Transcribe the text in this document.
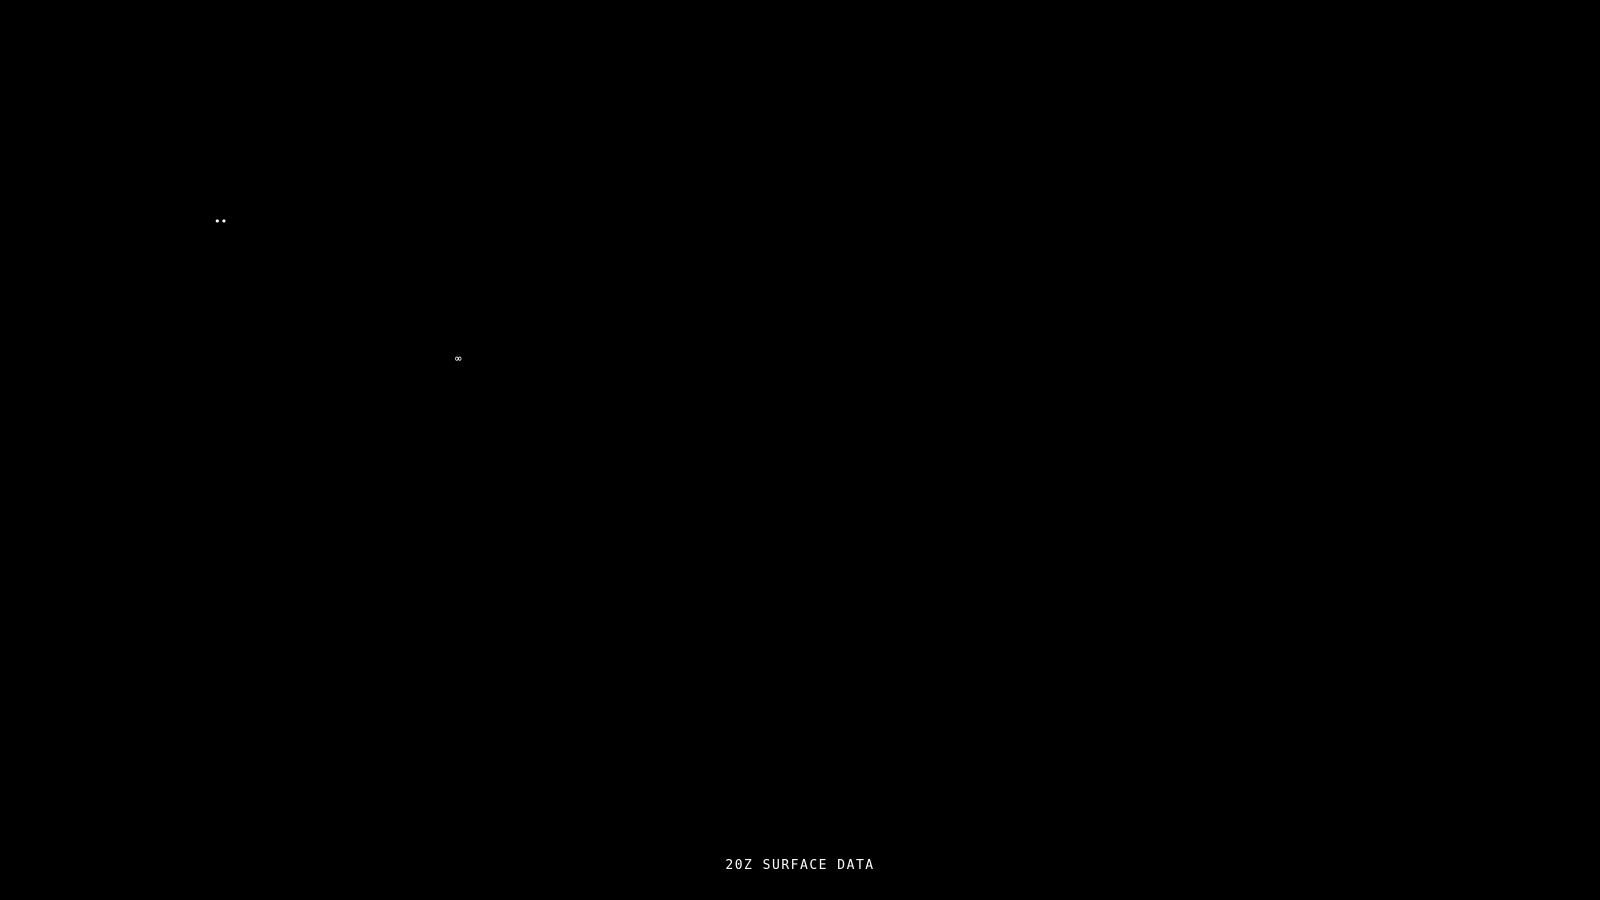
••
∞
20Z SURFACE DATA
